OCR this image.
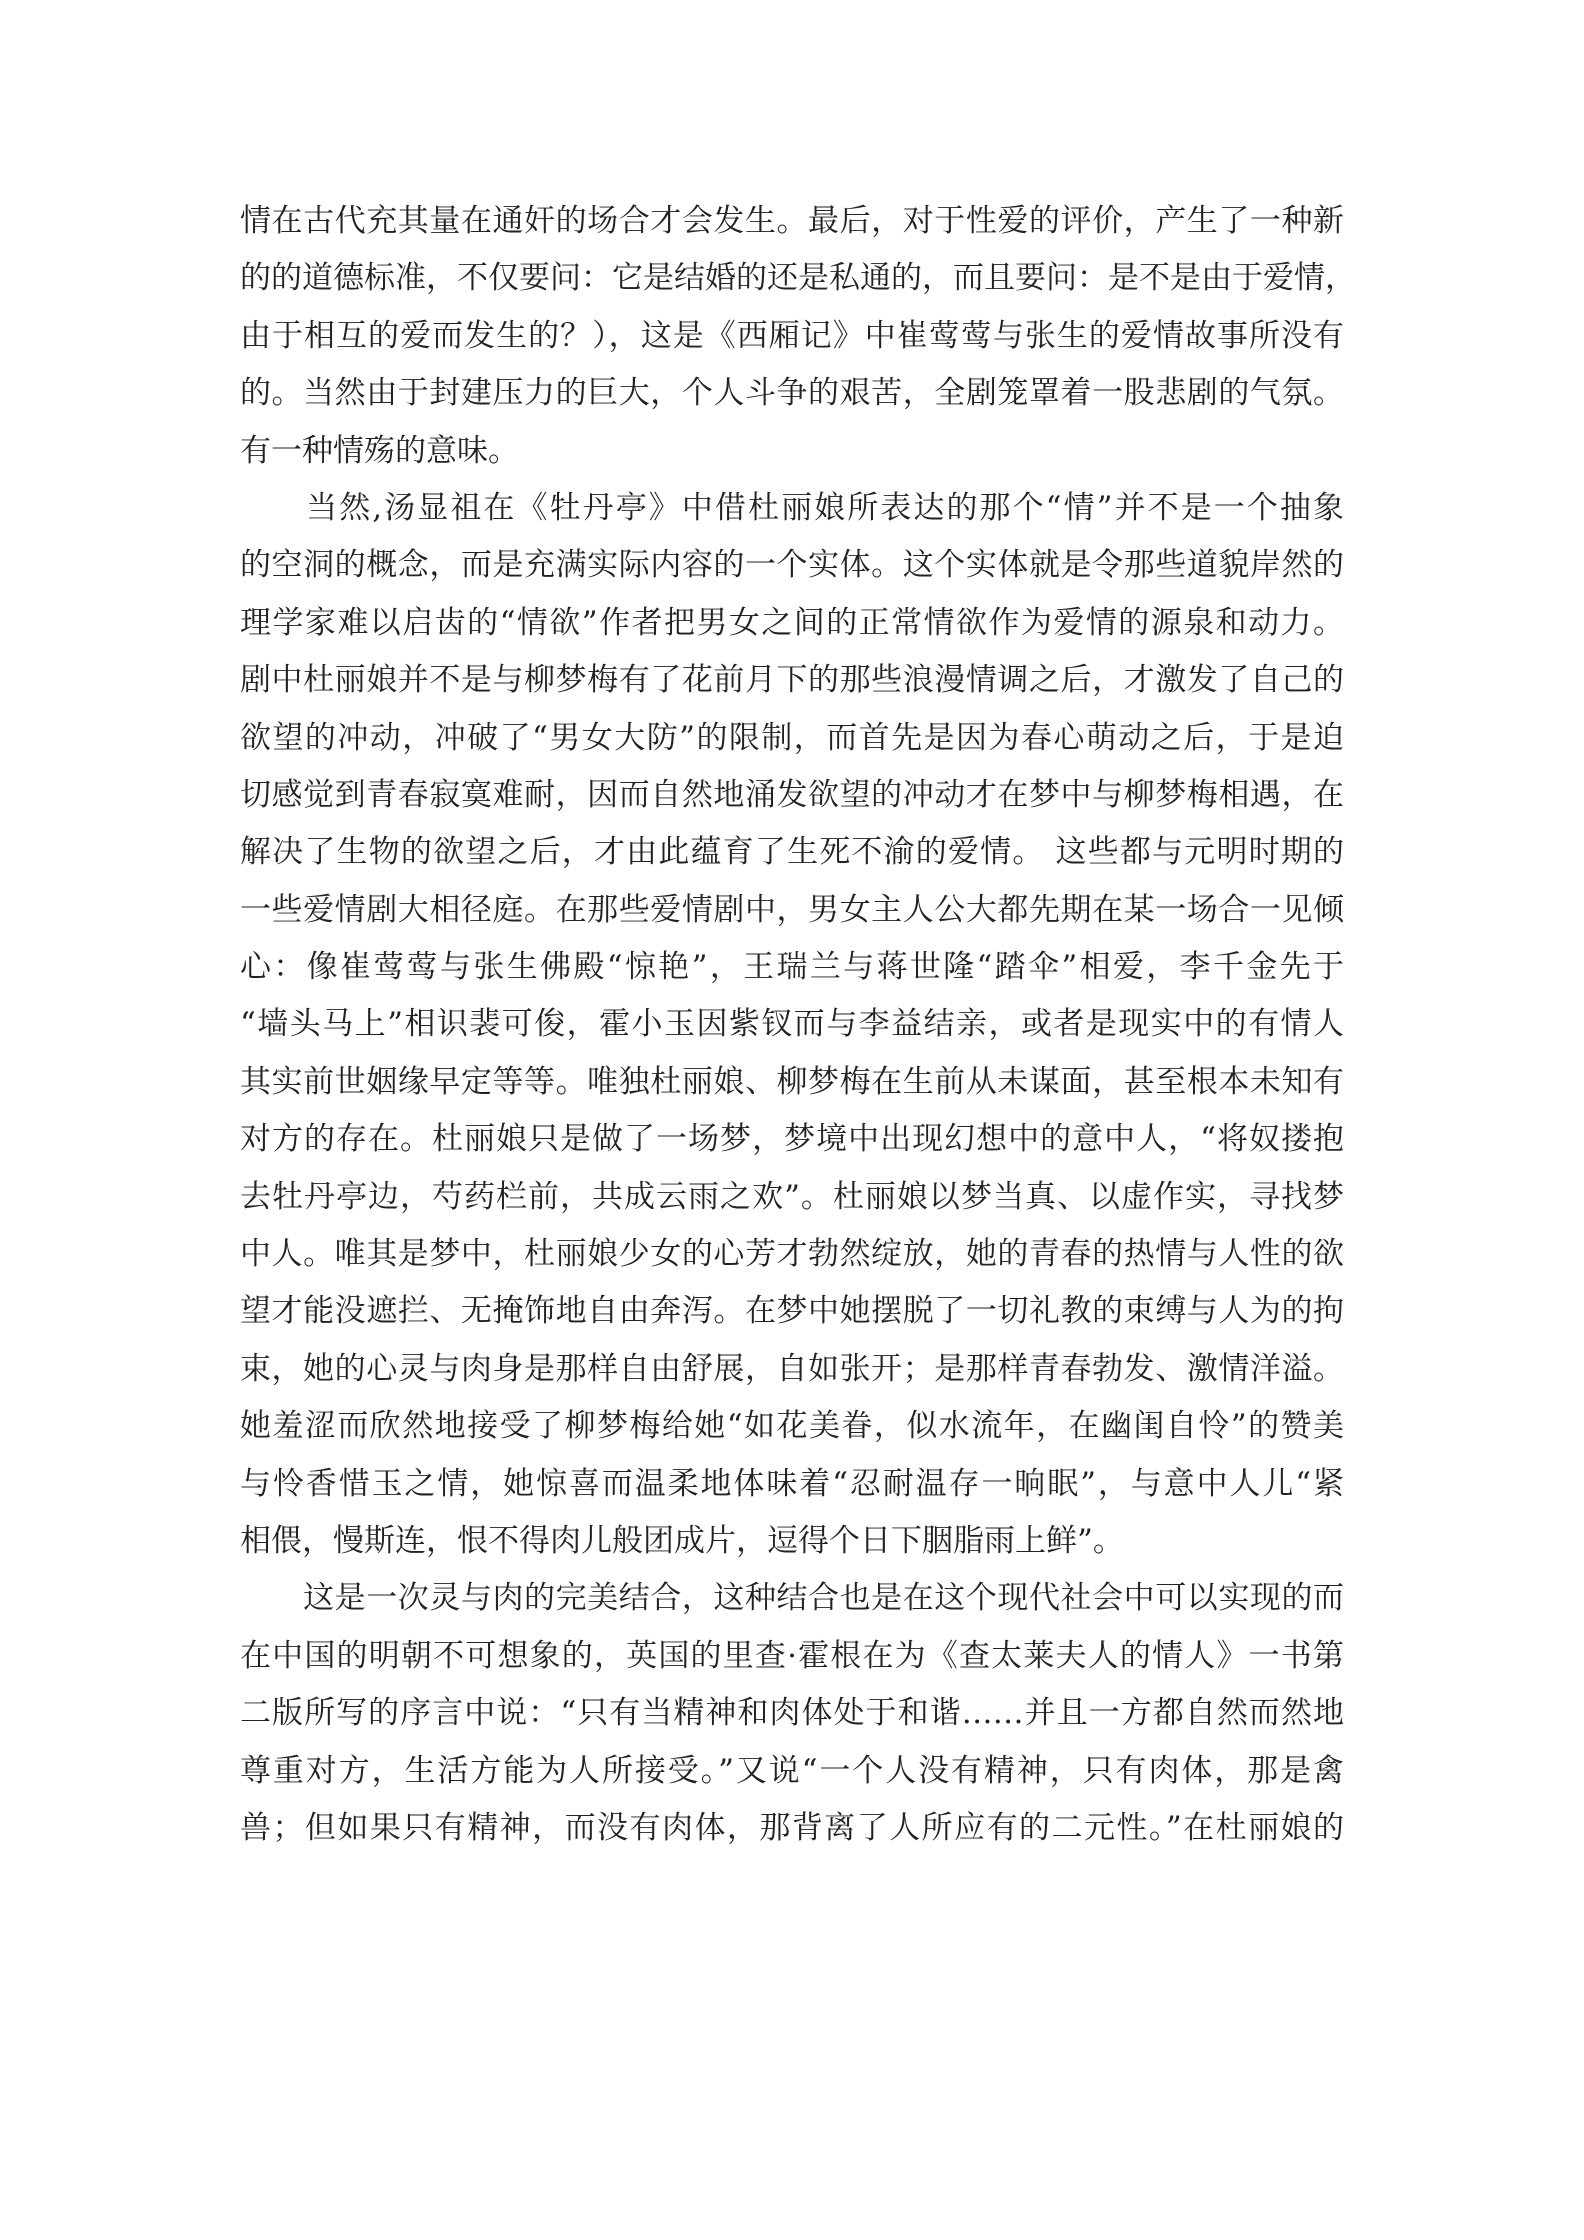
情在古代充其量在通奸的场合才会发生。最后，对于性爱的评价，产生了一种新
的的道德标准，不仅要问：它是结婚的还是私通的，而且要问：是不是由于爱情，
由于相互的爱而发生的？），这是《西厢记》中崔莺莺与张生的爱情故事所没有
的。当然由于封建压力的巨大，个人斗争的艰苦，全剧笼罩着一股悲剧的气氛。
有一种情殇的意味。
　　当然,汤显祖在《牡丹亭》中借杜丽娘所表达的那个“情”并不是一个抽象
的空洞的概念，而是充满实际内容的一个实体。这个实体就是令那些道貌岸然的
理学家难以启齿的“情欲”作者把男女之间的正常情欲作为爱情的源泉和动力。
剧中杜丽娘并不是与柳梦梅有了花前月下的那些浪漫情调之后，才激发了自己的
欲望的冲动，冲破了“男女大防”的限制，而首先是因为春心萌动之后，于是迫
切感觉到青春寂寞难耐，因而自然地涌发欲望的冲动才在梦中与柳梦梅相遇，在
解决了生物的欲望之后，才由此蕴育了生死不渝的爱情。 这些都与元明时期的
一些爱情剧大相径庭。在那些爱情剧中，男女主人公大都先期在某一场合一见倾
心：像崔莺莺与张生佛殿“惊艳”，王瑞兰与蒋世隆“踏伞”相爱，李千金先于
“墙头马上”相识裴可俊，霍小玉因紫钗而与李益结亲，或者是现实中的有情人
其实前世姻缘早定等等。唯独杜丽娘、柳梦梅在生前从未谋面，甚至根本未知有
对方的存在。杜丽娘只是做了一场梦，梦境中出现幻想中的意中人，“将奴搂抱
去牡丹亭边，芍药栏前，共成云雨之欢”。杜丽娘以梦当真、以虚作实，寻找梦
中人。唯其是梦中，杜丽娘少女的心芳才勃然绽放，她的青春的热情与人性的欲
望才能没遮拦、无掩饰地自由奔泻。在梦中她摆脱了一切礼教的束缚与人为的拘
束，她的心灵与肉身是那样自由舒展，自如张开；是那样青春勃发、激情洋溢。
她羞涩而欣然地接受了柳梦梅给她“如花美眷，似水流年，在幽闺自怜”的赞美
与怜香惜玉之情，她惊喜而温柔地体味着“忍耐温存一晌眠”，与意中人儿“紧
相偎，慢斯连，恨不得肉儿般团成片，逗得个日下胭脂雨上鲜”。
　　这是一次灵与肉的完美结合，这种结合也是在这个现代社会中可以实现的而
在中国的明朝不可想象的，英国的里查·霍根在为《查太莱夫人的情人》一书第
二版所写的序言中说：“只有当精神和肉体处于和谐……并且一方都自然而然地
尊重对方，生活方能为人所接受。”又说“一个人没有精神，只有肉体，那是禽
兽；但如果只有精神，而没有肉体，那背离了人所应有的二元性。”在杜丽娘的
